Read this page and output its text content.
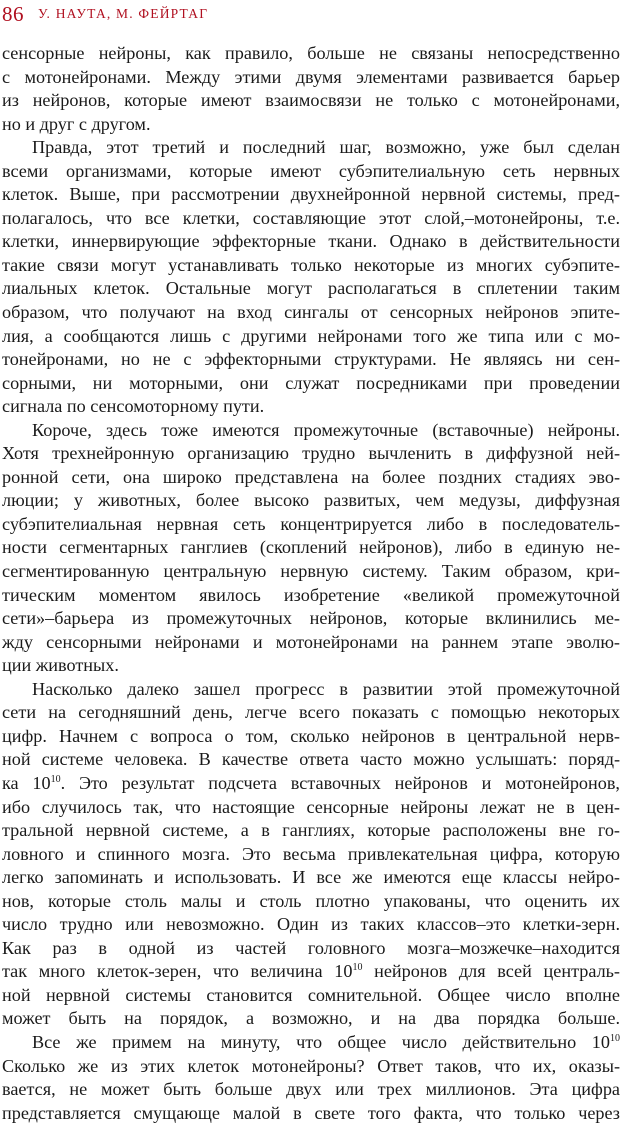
86 У. НАУТА, М. ФЕЙРТАГ
сенсорные нейроны, как правило, больше не связаны непосредственно
с мотонейронами. Между этими двумя элементами развивается барьер
из нейронов, которые имеют взаимосвязи не только с мотонейронами,
но и друг с другом.
Правда, этот третий и последний шаг, возможно, уже был сделан
всеми организмами, которые имеют субэпителиальную сеть нервных
клеток. Выше, при рассмотрении двухнейронной нервной системы, пред-
полагалось, что все клетки, составляющие этот слой,–мотонейроны, т.е.
клетки, иннервирующие эффекторные ткани. Однако в действительности
такие связи могут устанавливать только некоторые из многих субэпите-
лиальных клеток. Остальные могут располагаться в сплетении таким
образом, что получают на вход сингалы от сенсорных нейронов эпите-
лия, а сообщаются лишь с другими нейронами того же типа или с мо-
тонейронами, но не с эффекторными структурами. Не являясь ни сен-
сорными, ни моторными, они служат посредниками при проведении
сигнала по сенсомоторному пути.
Короче, здесь тоже имеются промежуточные (вставочные) нейроны.
Хотя трехнейронную организацию трудно вычленить в диффузной ней-
ронной сети, она широко представлена на более поздних стадиях эво-
люции; у животных, более высоко развитых, чем медузы, диффузная
субэпителиальная нервная сеть концентрируется либо в последователь-
ности сегментарных ганглиев (скоплений нейронов), либо в единую не-
сегментированную центральную нервную систему. Таким образом, кри-
тическим моментом явилось изобретение «великой промежуточной
сети»–барьера из промежуточных нейронов, которые вклинились ме-
жду сенсорными нейронами и мотонейронами на раннем этапе эволю-
ции животных.
Насколько далеко зашел прогресс в развитии этой промежуточной
сети на сегодняшний день, легче всего показать с помощью некоторых
цифр. Начнем с вопроса о том, сколько нейронов в центральной нерв-
ной системе человека. В качестве ответа часто можно услышать: поряд-
ка $10^{10}$. Это результат подсчета вставочных нейронов и мотонейронов,
ибо случилось так, что настоящие сенсорные нейроны лежат не в цен-
тральной нервной системе, а в ганглиях, которые расположены вне го-
ловного и спинного мозга. Это весьма привлекательная цифра, которую
легко запоминать и использовать. И все же имеются еще классы нейро-
нов, которые столь малы и столь плотно упакованы, что оценить их
число трудно или невозможно. Один из таких классов–это клетки-зерн.
Как раз в одной из частей головного мозга–мозжечке–находится
так много клеток-зерен, что величина $10^{10}$ нейронов для всей централь-
ной нервной системы становится сомнительной. Общее число вполне
может быть на порядок, а возможно, и на два порядка больше.
Все же примем на минуту, что общее число действительно $10^{10}$
Сколько же из этих клеток мотонейроны? Ответ таков, что их, оказы-
вается, не может быть больше двух или трех миллионов. Эта цифра
представляется смущающе малой в свете того факта, что только через
